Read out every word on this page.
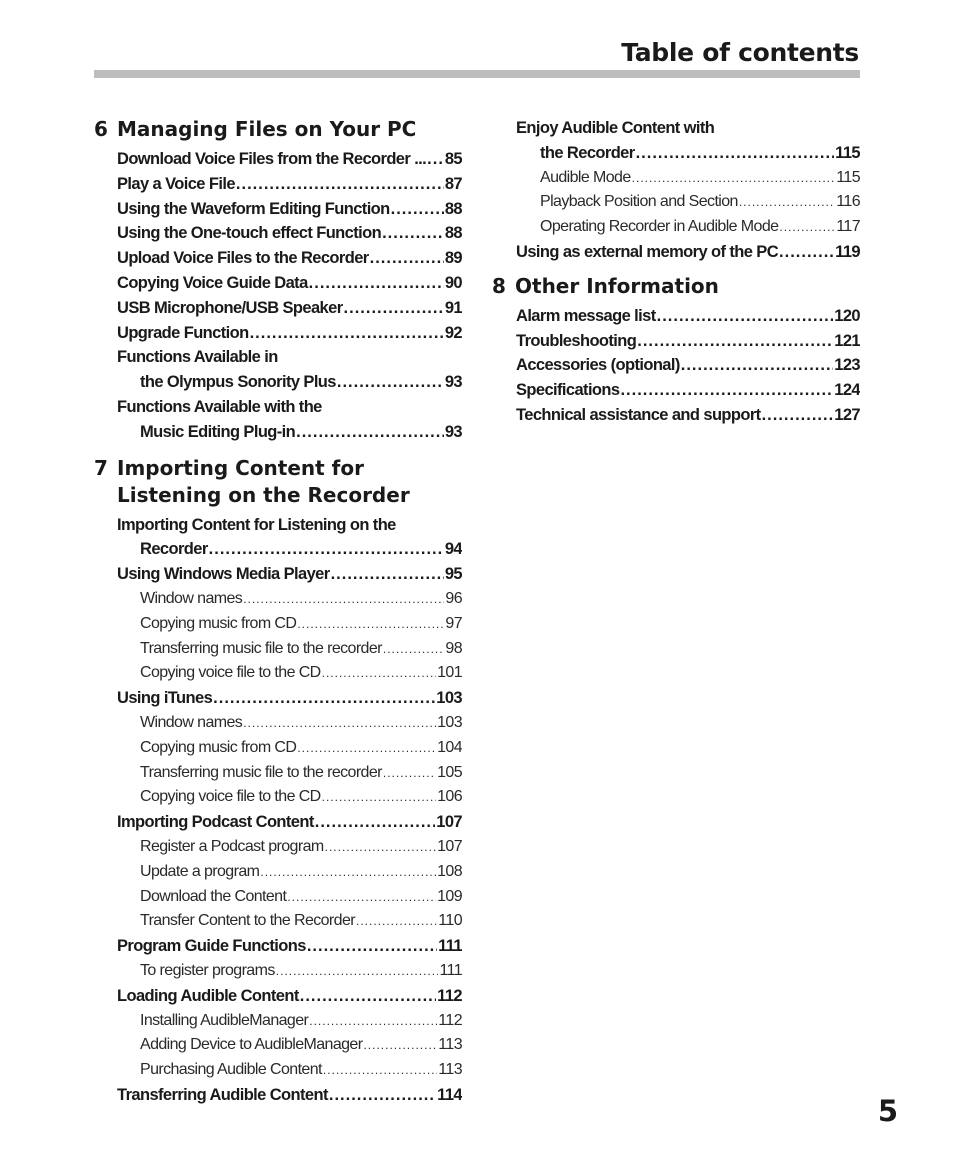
Table of contents
6 Managing Files on Your PC
Download Voice Files from the Recorder ... ..... 85
Play a Voice File .....	87
Using the Waveform Editing Function .....	88
Using the One-touch effect Function .....	88
Upload Voice Files to the Recorder .....	89
Copying Voice Guide Data .....	90
USB Microphone/USB Speaker .....	91
Upgrade Function .....	92
Functions Available in
the Olympus Sonority Plus .....	93
Functions Available with the
Music Editing Plug-in .....	93
7 Importing Content for
Listening on the Recorder
Importing Content for Listening on the
Recorder .....	94
Using Windows Media Player .....	95
Window names .....	96
Copying music from CD .....	97
Transferring music file to the recorder .....	98
Copying voice file to the CD .....	101
Using iTunes .....	103
Window names .....	103
Copying music from CD .....	104
Transferring music file to the recorder .....	105
Copying voice file to the CD .....	106
Importing Podcast Content .....	107
Register a Podcast program .....	107
Update a program .....	108
Download the Content .....	109
Transfer Content to the Recorder .....	110
Program Guide Functions .....	111
To register programs .....	111
Loading Audible Content .....	112
Installing AudibleManager .....	112
Adding Device to AudibleManager .....	113
Purchasing Audible Content .....	113
Transferring Audible Content .....	114
Enjoy Audible Content with
the Recorder .....	115
Audible Mode .....	115
Playback Position and Section .....	116
Operating Recorder in Audible Mode .....	117
Using as external memory of the PC .....	119
8 Other Information
Alarm message list .....	120
Troubleshooting .....	121
Accessories (optional) .....	123
Specifications .....	124
Technical assistance and support .....	127
5
